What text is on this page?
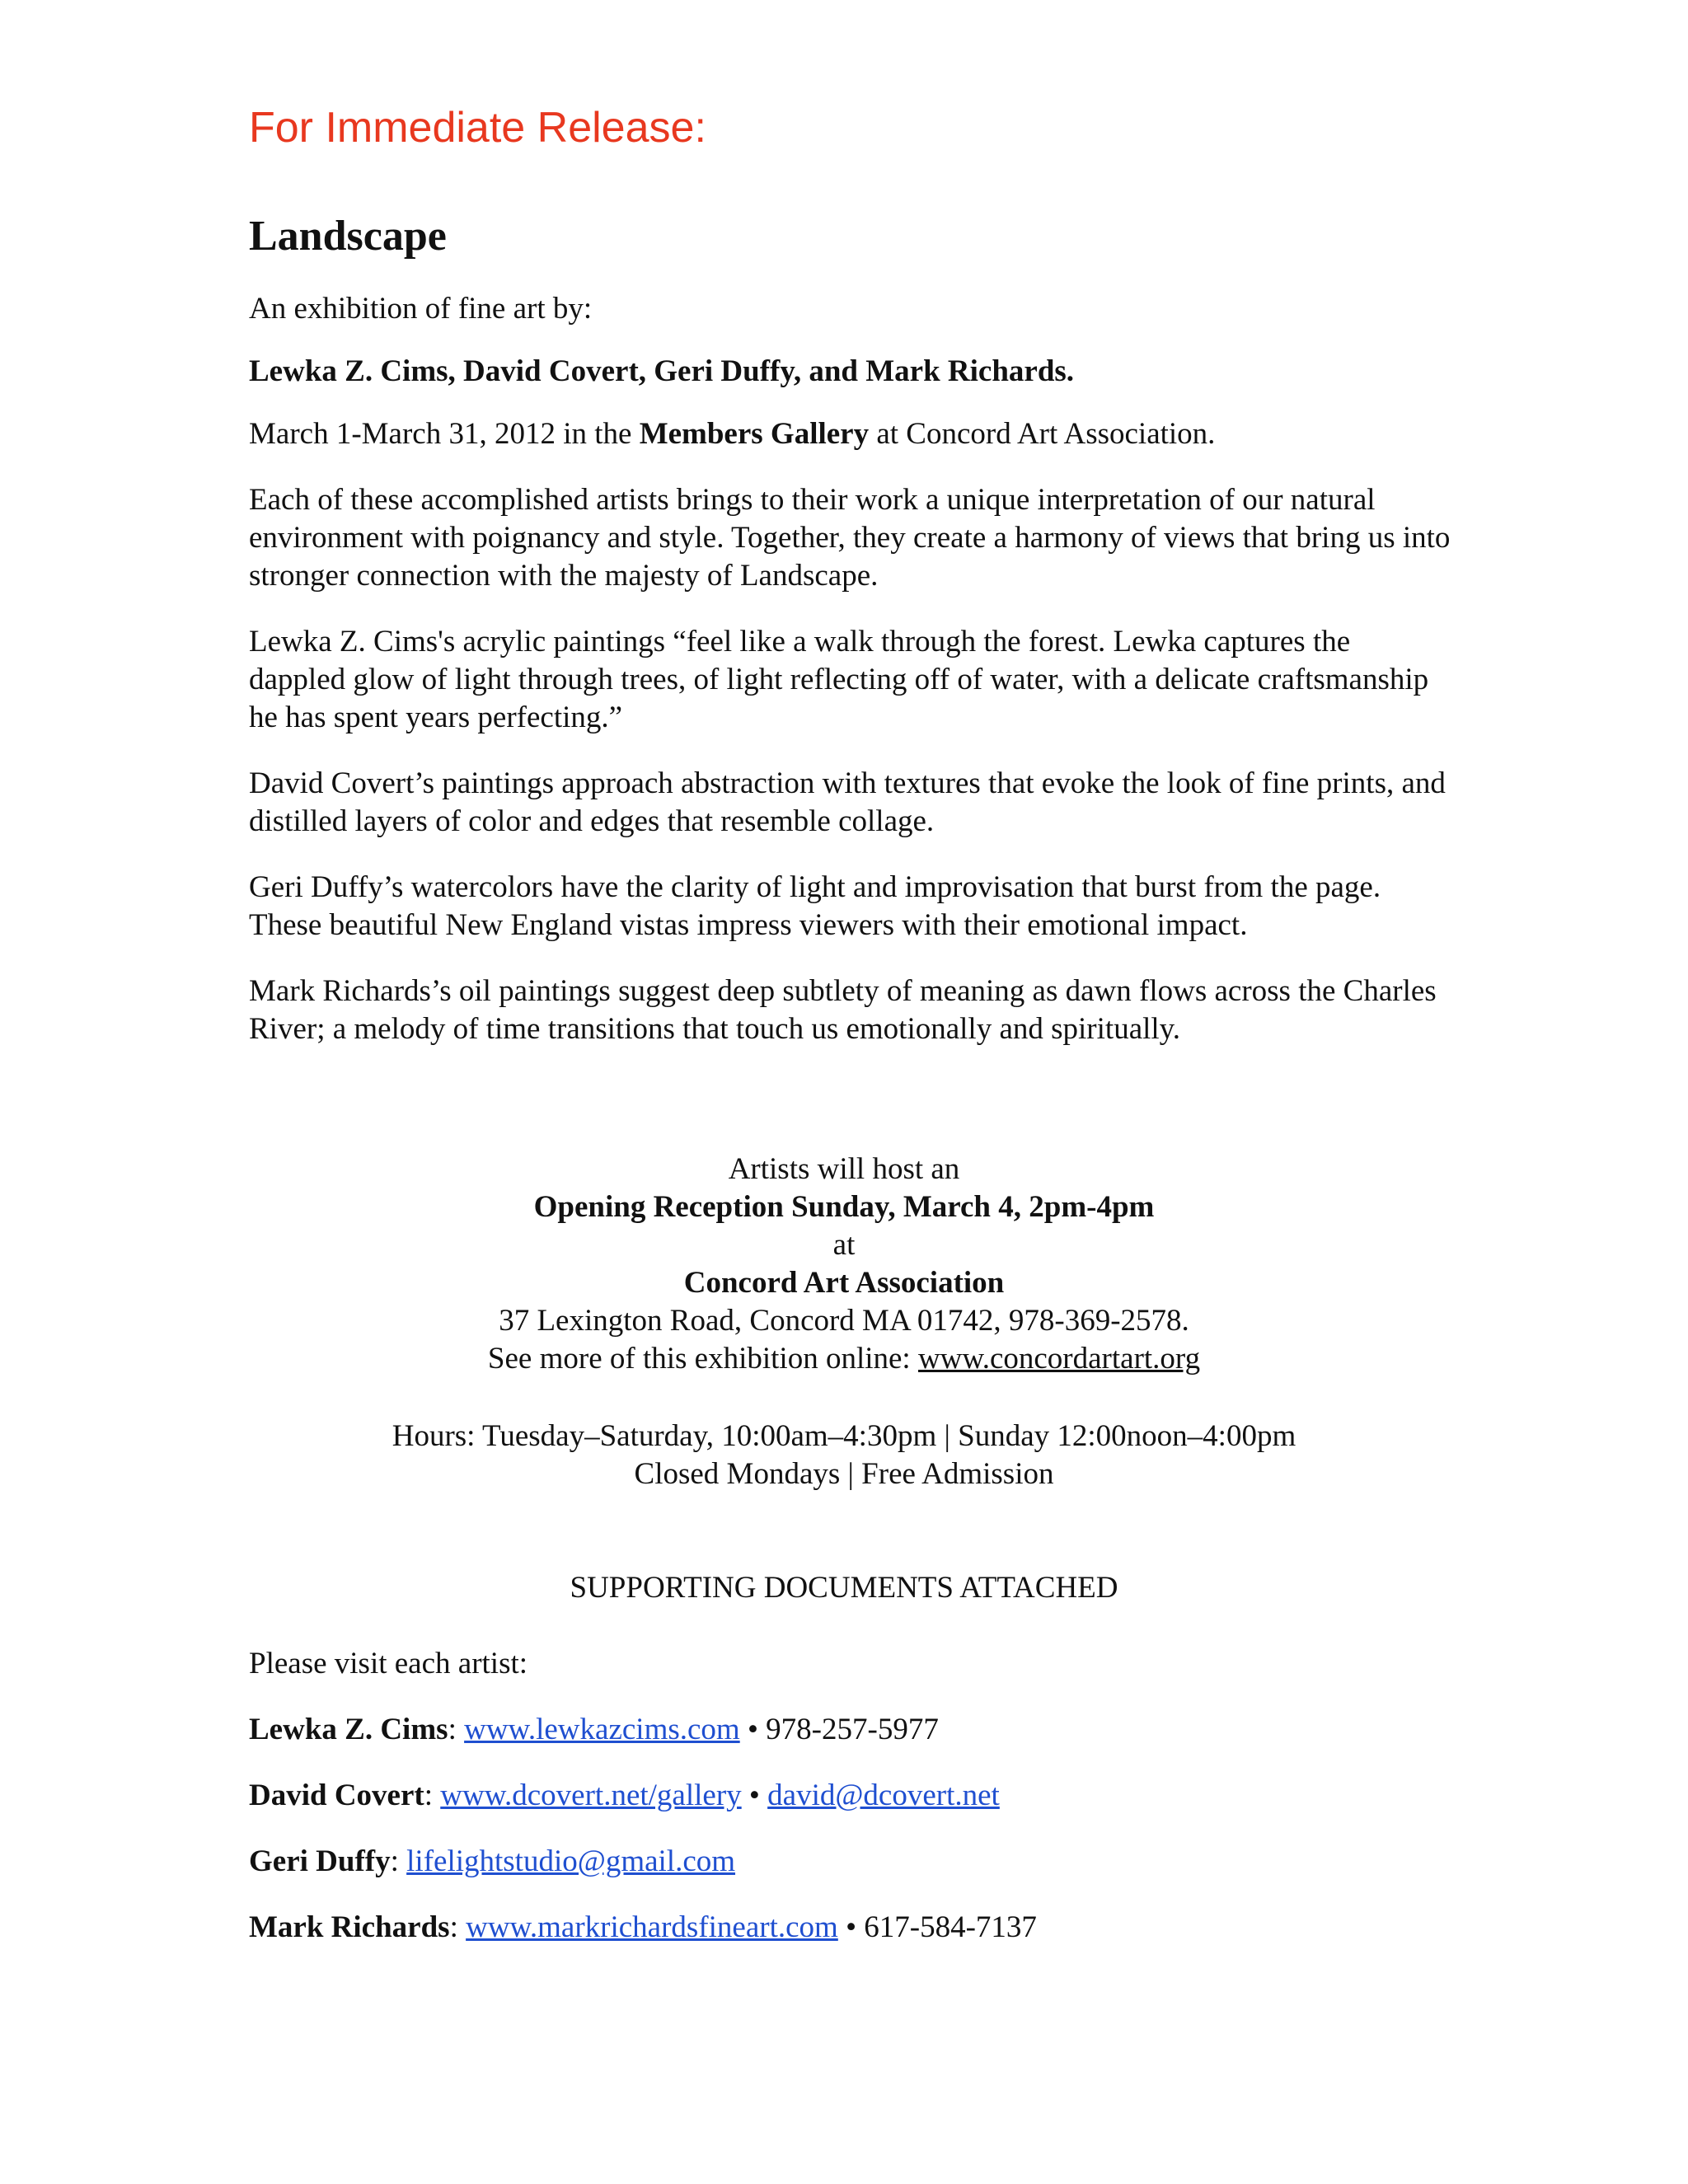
For Immediate Release:
Landscape

An exhibition of fine art by:

Lewka Z. Cims, David Covert, Geri Duffy, and Mark Richards.

March 1-March 31, 2012 in the Members Gallery at Concord Art Association.

Each of these accomplished artists brings to their work a unique interpretation of our natural environment with poignancy and style. Together, they create a harmony of views that bring us into stronger connection with the majesty of Landscape.

Lewka Z. Cims's acrylic paintings “feel like a walk through the forest. Lewka captures the dappled glow of light through trees, of light reflecting off of water, with a delicate craftsmanship he has spent years perfecting.”

David Covert’s paintings approach abstraction with textures that evoke the look of fine prints, and distilled layers of color and edges that resemble collage.

Geri Duffy’s watercolors have the clarity of light and improvisation that burst from the page. These beautiful New England vistas impress viewers with their emotional impact.

Mark Richards’s oil paintings suggest deep subtlety of meaning as dawn flows across the Charles River; a melody of time transitions that touch us emotionally and spiritually.

Artists will host an
Opening Reception Sunday, March 4, 2pm-4pm
at
Concord Art Association
37 Lexington Road, Concord MA 01742, 978-369-2578.
See more of this exhibition online: www.concordartart.org
Hours: Tuesday–Saturday, 10:00am–4:30pm | Sunday 12:00noon–4:00pm
Closed Mondays | Free Admission
SUPPORTING DOCUMENTS ATTACHED
Please visit each artist:
Lewka Z. Cims: www.lewkazcims.com • 978-257-5977
David Covert: www.dcovert.net/gallery • david@dcovert.net
Geri Duffy: lifelightstudio@gmail.com
Mark Richards: www.markrichardsfineart.com • 617-584-7137
